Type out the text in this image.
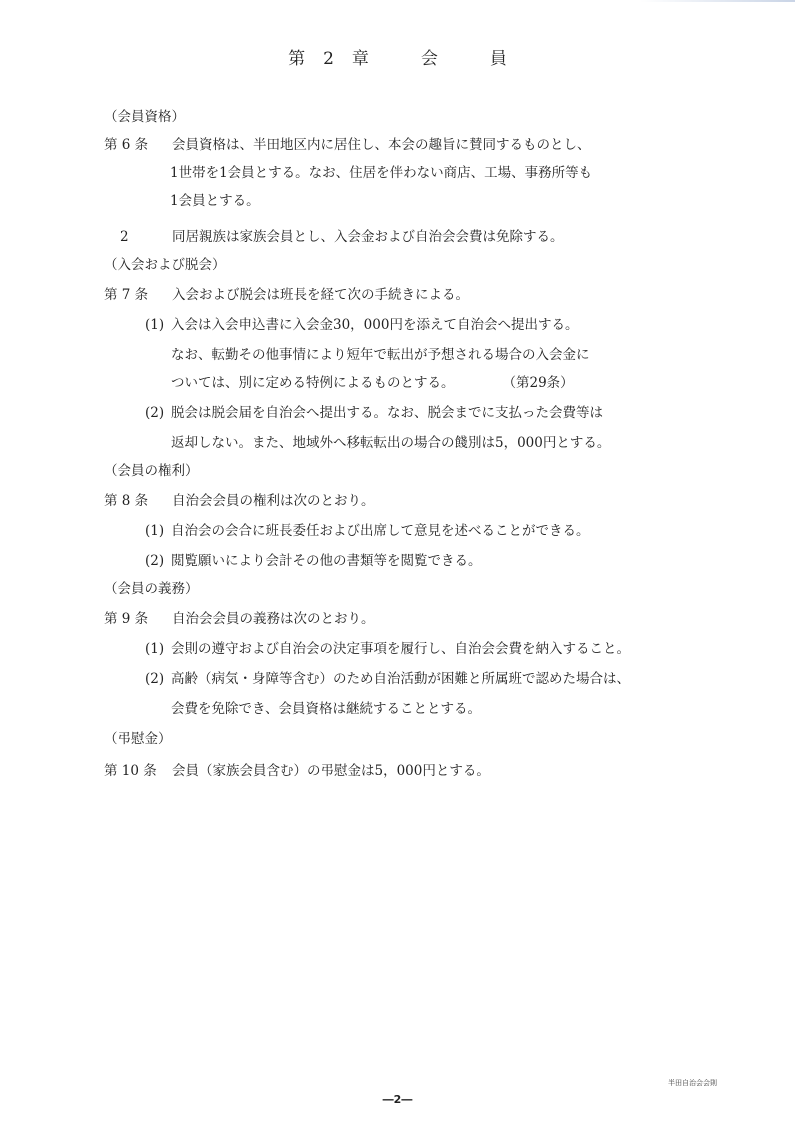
第 2 章	会	員
（会員資格）
第 6 条 会員資格は、半田地区内に居住し、本会の趣旨に賛同するものとし、
1世帯を1会員とする。なお、住居を伴わない商店、工場、事務所等も
1会員とする。
2	同居親族は家族会員とし、入会金および自治会会費は免除する。
（入会および脱会）
第 7 条 入会および脱会は班長を経て次の手続きによる。
(1) 入会は入会申込書に入会金30，000円を添えて自治会へ提出する。
なお、転勤その他事情により短年で転出が予想される場合の入会金に
ついては、別に定める特例によるものとする。	（第29条）
(2) 脱会は脱会届を自治会へ提出する。なお、脱会までに支払った会費等は
返却しない。また、地域外へ移転転出の場合の餞別は5，000円とする。
（会員の権利）
第 8 条 自治会会員の権利は次のとおり。
(1) 自治会の会合に班長委任および出席して意見を述べることができる。
(2) 閲覧願いにより会計その他の書類等を閲覧できる。
（会員の義務）
第 9 条 自治会会員の義務は次のとおり。
(1) 会則の遵守および自治会の決定事項を履行し、自治会会費を納入すること。
(2) 高齢（病気・身障等含む）のため自治活動が困難と所属班で認めた場合は、
会費を免除でき、会員資格は継続することとする。
（弔慰金）
第 10 条 会員（家族会員含む）の弔慰金は5，000円とする。
半田自治会会則
―2―
